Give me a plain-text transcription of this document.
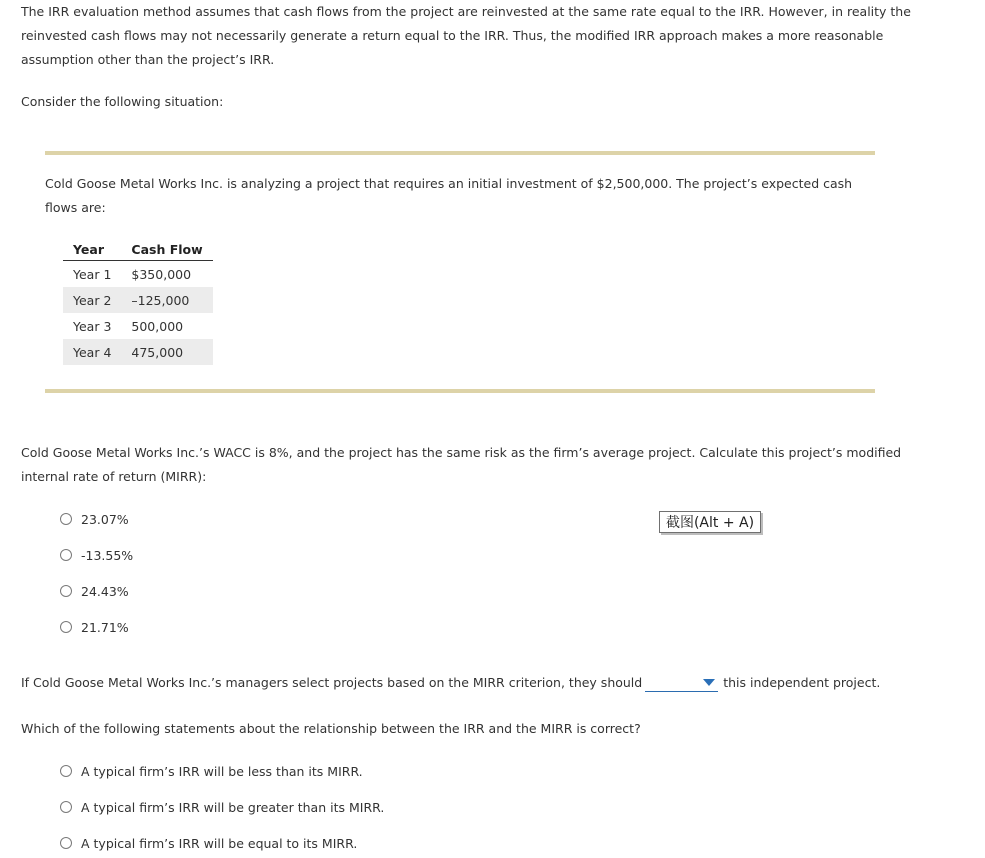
The IRR evaluation method assumes that cash flows from the project are reinvested at the same rate equal to the IRR. However, in reality the reinvested cash flows may not necessarily generate a return equal to the IRR. Thus, the modified IRR approach makes a more reasonable assumption other than the project’s IRR.
Consider the following situation:
Cold Goose Metal Works Inc. is analyzing a project that requires an initial investment of $2,500,000. The project’s expected cash flows are:
Year	Cash Flow
Year 1	$350,000
Year 2	–125,000
Year 3	500,000
Year 4	475,000
Cold Goose Metal Works Inc.’s WACC is 8%, and the project has the same risk as the firm’s average project. Calculate this project’s modified internal rate of return (MIRR):
23.07%
-13.55%
24.43%
21.71%
截图(Alt + A)
If Cold Goose Metal Works Inc.’s managers select projects based on the MIRR criterion, they should	this independent project.
Which of the following statements about the relationship between the IRR and the MIRR is correct?
A typical firm’s IRR will be less than its MIRR.
A typical firm’s IRR will be greater than its MIRR.
A typical firm’s IRR will be equal to its MIRR.
